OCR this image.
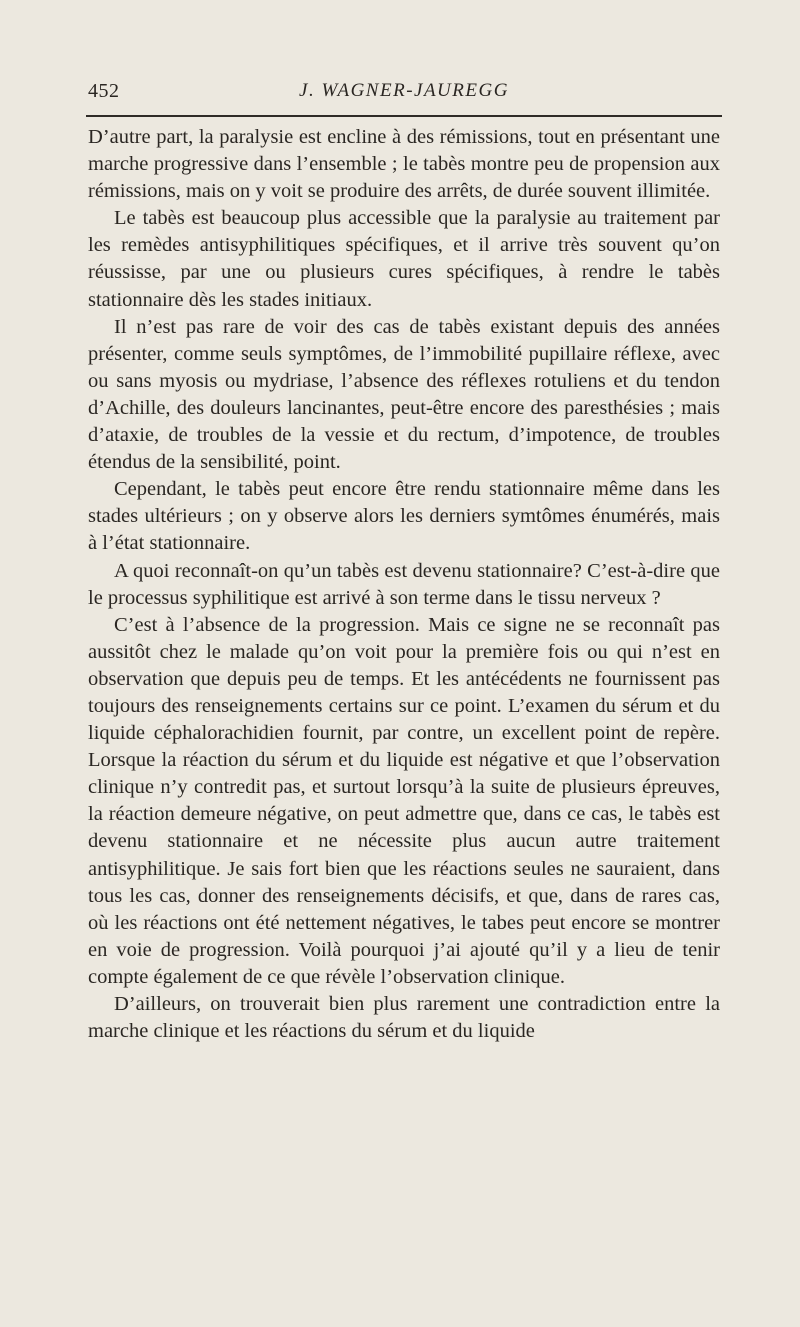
452	J. WAGNER-JAUREGG

D’autre part, la paralysie est encline à des rémissions, tout en présentant une marche progressive dans l’ensemble ; le tabès montre peu de propension aux rémissions, mais on y voit se produire des arrêts, de durée souvent illimitée.

Le tabès est beaucoup plus accessible que la paralysie au traitement par les remèdes antisyphilitiques spécifiques, et il arrive très souvent qu’on réussisse, par une ou plusieurs cures spécifiques, à rendre le tabès stationnaire dès les stades initiaux.

Il n’est pas rare de voir des cas de tabès existant depuis des années présenter, comme seuls symptômes, de l’immobilité pupillaire réflexe, avec ou sans myosis ou mydriase, l’absence des réflexes rotuliens et du tendon d’Achille, des douleurs lancinantes, peut-être encore des paresthésies ; mais d’ataxie, de troubles de la vessie et du rectum, d’impotence, de troubles étendus de la sensibilité, point.

Cependant, le tabès peut encore être rendu stationnaire même dans les stades ultérieurs ; on y observe alors les derniers symtômes énumérés, mais à l’état stationnaire.

A quoi reconnaît-on qu’un tabès est devenu stationnaire? C’est-à-dire que le processus syphilitique est arrivé à son terme dans le tissu nerveux ?

C’est à l’absence de la progression. Mais ce signe ne se reconnaît pas aussitôt chez le malade qu’on voit pour la première fois ou qui n’est en observation que depuis peu de temps. Et les antécédents ne fournissent pas toujours des renseignements certains sur ce point. L’examen du sérum et du liquide céphalorachidien fournit, par contre, un excellent point de repère. Lorsque la réaction du sérum et du liquide est négative et que l’observation clinique n’y contredit pas, et surtout lorsqu’à la suite de plusieurs épreuves, la réaction demeure négative, on peut admettre que, dans ce cas, le tabès est devenu stationnaire et ne nécessite plus aucun autre traitement antisyphilitique. Je sais fort bien que les réactions seules ne sauraient, dans tous les cas, donner des renseignements décisifs, et que, dans de rares cas, où les réactions ont été nettement négatives, le tabes peut encore se montrer en voie de progression. Voilà pourquoi j’ai ajouté qu’il y a lieu de tenir compte également de ce que révèle l’observation clinique.

D’ailleurs, on trouverait bien plus rarement une contradiction entre la marche clinique et les réactions du sérum et du liquide
